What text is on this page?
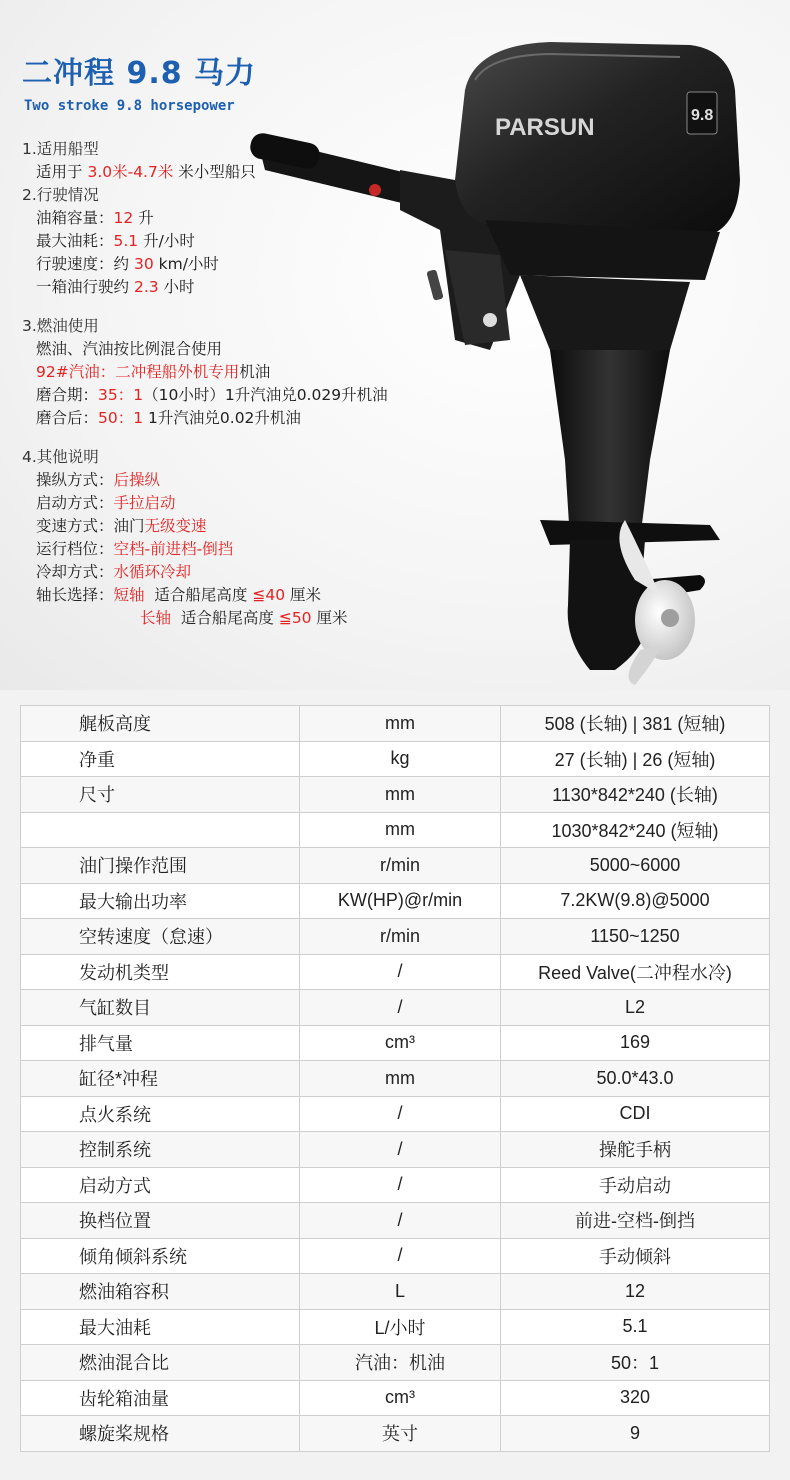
二冲程 9.8 马力
Two stroke 9.8 horsepower
PARSUN	9.8
1.适用船型
适用于 3.0米-4.7米 米小型船只
2.行驶情况
油箱容量：12 升
最大油耗：5.1 升/小时
行驶速度：约 30 km/小时
一箱油行驶约 2.3 小时
3.燃油使用
燃油、汽油按比例混合使用
92#汽油：二冲程船外机专用机油
磨合期：35：1（10小时）1升汽油兑0.029升机油
磨合后：50：1 1升汽油兑0.02升机油
4.其他说明
操纵方式：后操纵
启动方式：手拉启动
变速方式：油门无级变速
运行档位：空档-前进档-倒挡
冷却方式：水循环冷却
轴长选择：短轴 适合船尾高度 ≦40 厘米
长轴 适合船尾高度 ≦50 厘米
艉板高度	mm	508 (长轴) | 381 (短轴)
净重	kg	27 (长轴) | 26 (短轴)
尺寸	mm	1130*842*240 (长轴)
	mm	1030*842*240 (短轴)
油门操作范围	r/min	5000~6000
最大输出功率	KW(HP)@r/min	7.2KW(9.8)@5000
空转速度（怠速）	r/min	1150~1250
发动机类型	/	Reed Valve(二冲程水冷)
气缸数目	/	L2
排气量	cm³	169
缸径*冲程	mm	50.0*43.0
点火系统	/	CDI
控制系统	/	操舵手柄
启动方式	/	手动启动
换档位置	/	前进-空档-倒挡
倾角倾斜系统	/	手动倾斜
燃油箱容积	L	12
最大油耗	L/小时	5.1
燃油混合比	汽油：机油	50：1
齿轮箱油量	cm³	320
螺旋桨规格	英寸	9
